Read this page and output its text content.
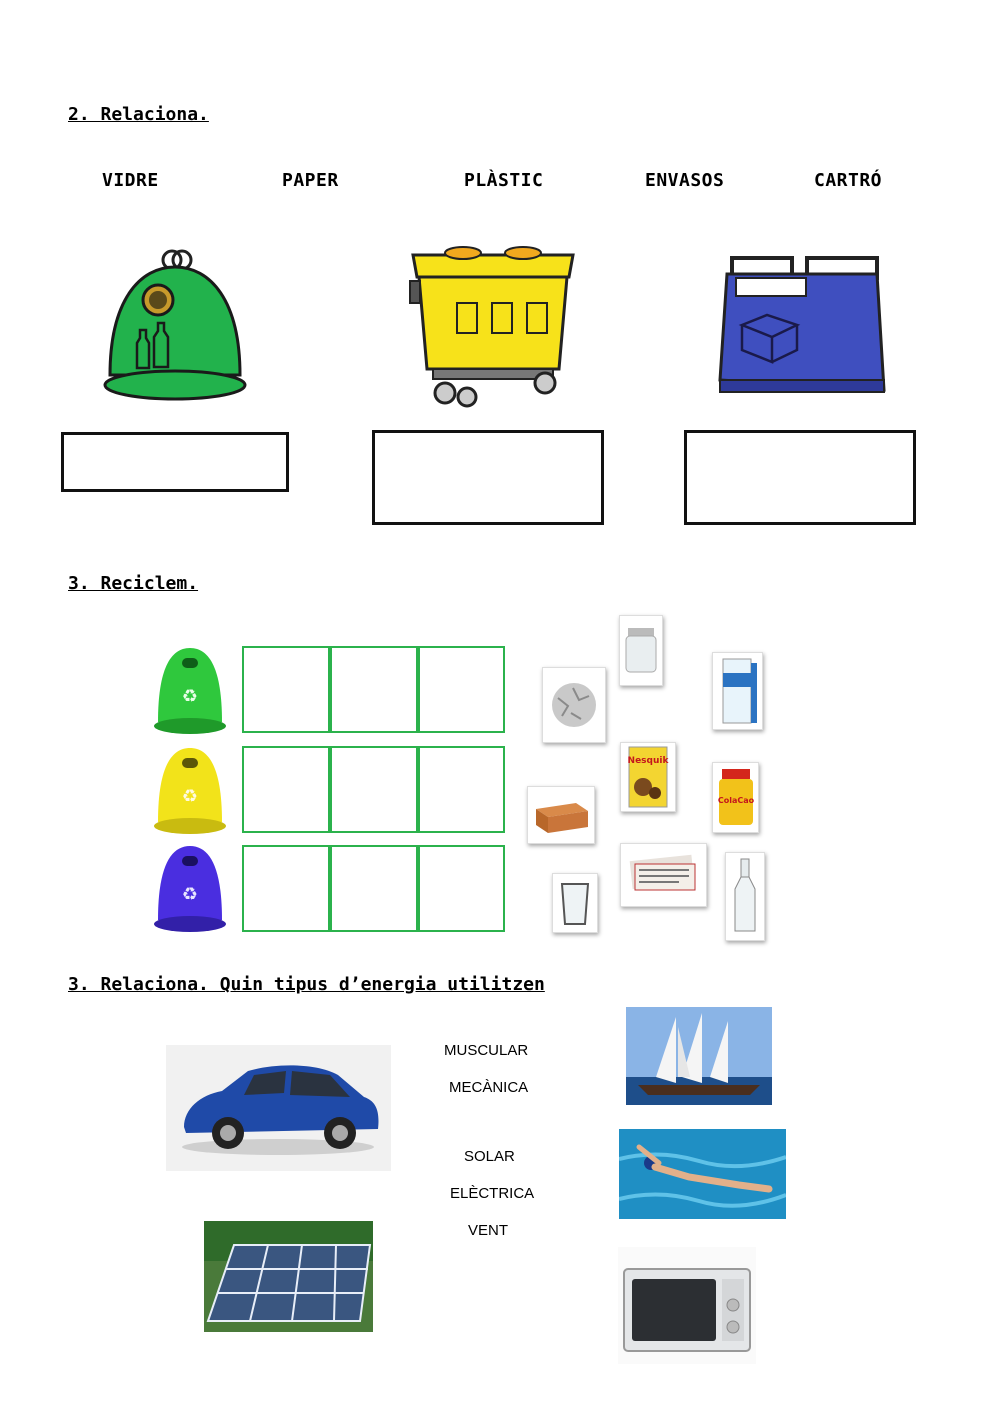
2. Relaciona.
VIDRE	PAPER	PLÀSTIC	ENVASOS	CARTRÓ
3. Reciclem.
♻
♻
♻
Nesquik
ColaCao
3. Relaciona. Quin tipus d’energia utilitzen
MUSCULAR
MECÀNICA
SOLAR
ELÈCTRICA
VENT
